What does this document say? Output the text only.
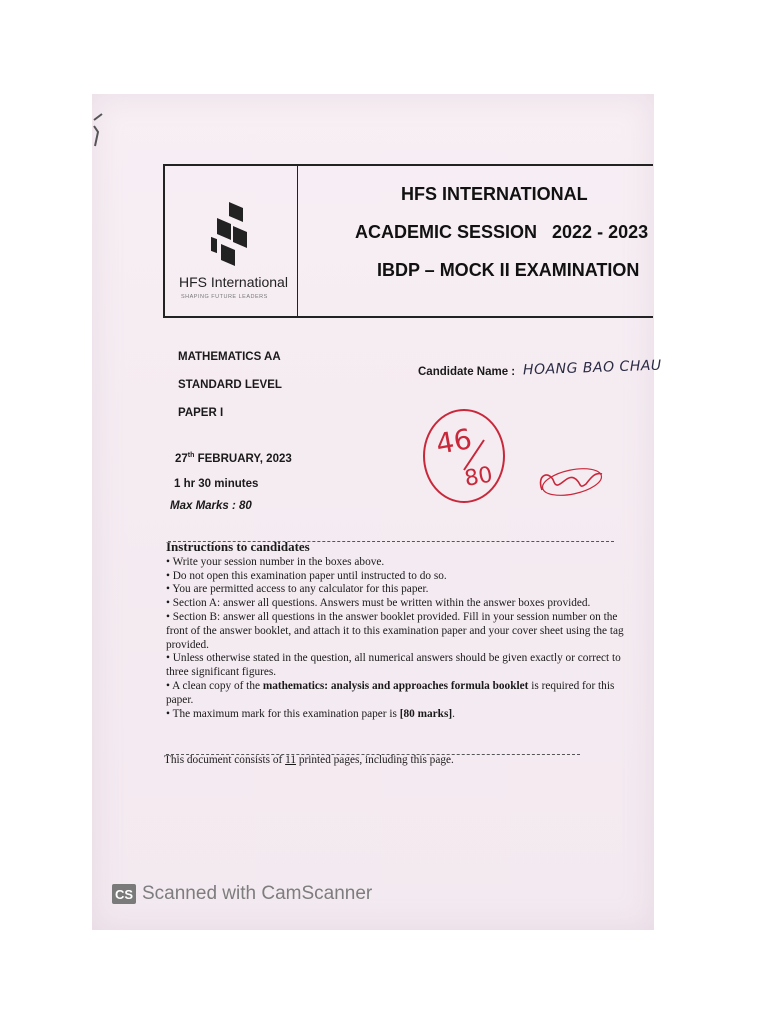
HFS International
SHAPING FUTURE LEADERS
HFS INTERNATIONAL
ACADEMIC SESSION   2022 - 2023
IBDP – MOCK II EXAMINATION
MATHEMATICS AA
STANDARD LEVEL
PAPER I
27th FEBRUARY, 2023
1 hr 30 minutes
Max Marks : 80
Candidate Name : HOANG BAO CHAU
46
80
Instructions to candidates
• Write your session number in the boxes above.
• Do not open this examination paper until instructed to do so.
• You are permitted access to any calculator for this paper.
• Section A: answer all questions. Answers must be written within the answer boxes provided.
• Section B: answer all questions in the answer booklet provided. Fill in your session number on the front of the answer booklet, and attach it to this examination paper and your cover sheet using the tag provided.
• Unless otherwise stated in the question, all numerical answers should be given exactly or correct to three significant figures.
• A clean copy of the mathematics: analysis and approaches formula booklet is required for this paper.
• The maximum mark for this examination paper is [80 marks].
This document consists of 11 printed pages, including this page.
CS Scanned with CamScanner
